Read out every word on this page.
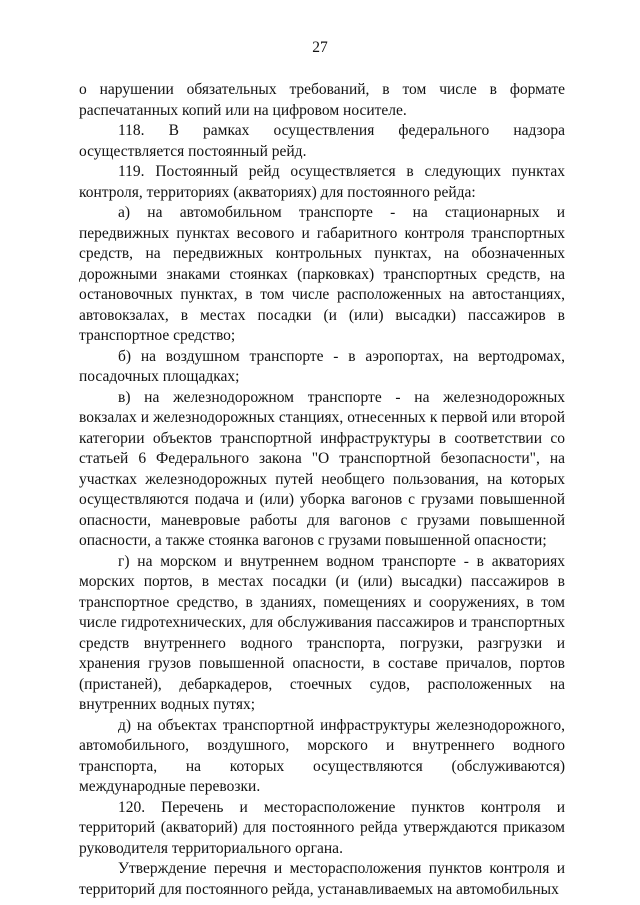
27

о нарушении обязательных требований, в том числе в формате распечатанных копий или на цифровом носителе.

118. В рамках осуществления федерального надзора осуществляется постоянный рейд.

119. Постоянный рейд осуществляется в следующих пунктах контроля, территориях (акваториях) для постоянного рейда:

а) на автомобильном транспорте - на стационарных и передвижных пунктах весового и габаритного контроля транспортных средств, на передвижных контрольных пунктах, на обозначенных дорожными знаками стоянках (парковках) транспортных средств, на остановочных пунктах, в том числе расположенных на автостанциях, автовокзалах, в местах посадки (и (или) высадки) пассажиров в транспортное средство;

б) на воздушном транспорте - в аэропортах, на вертодромах, посадочных площадках;

в) на железнодорожном транспорте - на железнодорожных вокзалах и железнодорожных станциях, отнесенных к первой или второй категории объектов транспортной инфраструктуры в соответствии со статьей 6 Федерального закона "О транспортной безопасности", на участках железнодорожных путей необщего пользования, на которых осуществляются подача и (или) уборка вагонов с грузами повышенной опасности, маневровые работы для вагонов с грузами повышенной опасности, а также стоянка вагонов с грузами повышенной опасности;

г) на морском и внутреннем водном транспорте - в акваториях морских портов, в местах посадки (и (или) высадки) пассажиров в транспортное средство, в зданиях, помещениях и сооружениях, в том числе гидротехнических, для обслуживания пассажиров и транспортных средств внутреннего водного транспорта, погрузки, разгрузки и хранения грузов повышенной опасности, в составе причалов, портов (пристаней), дебаркадеров, стоечных судов, расположенных на внутренних водных путях;

д) на объектах транспортной инфраструктуры железнодорожного, автомобильного, воздушного, морского и внутреннего водного транспорта, на которых осуществляются (обслуживаются) международные перевозки.

120. Перечень и месторасположение пунктов контроля и территорий (акваторий) для постоянного рейда утверждаются приказом руководителя территориального органа.

Утверждение перечня и месторасположения пунктов контроля и территорий для постоянного рейда, устанавливаемых на автомобильных
